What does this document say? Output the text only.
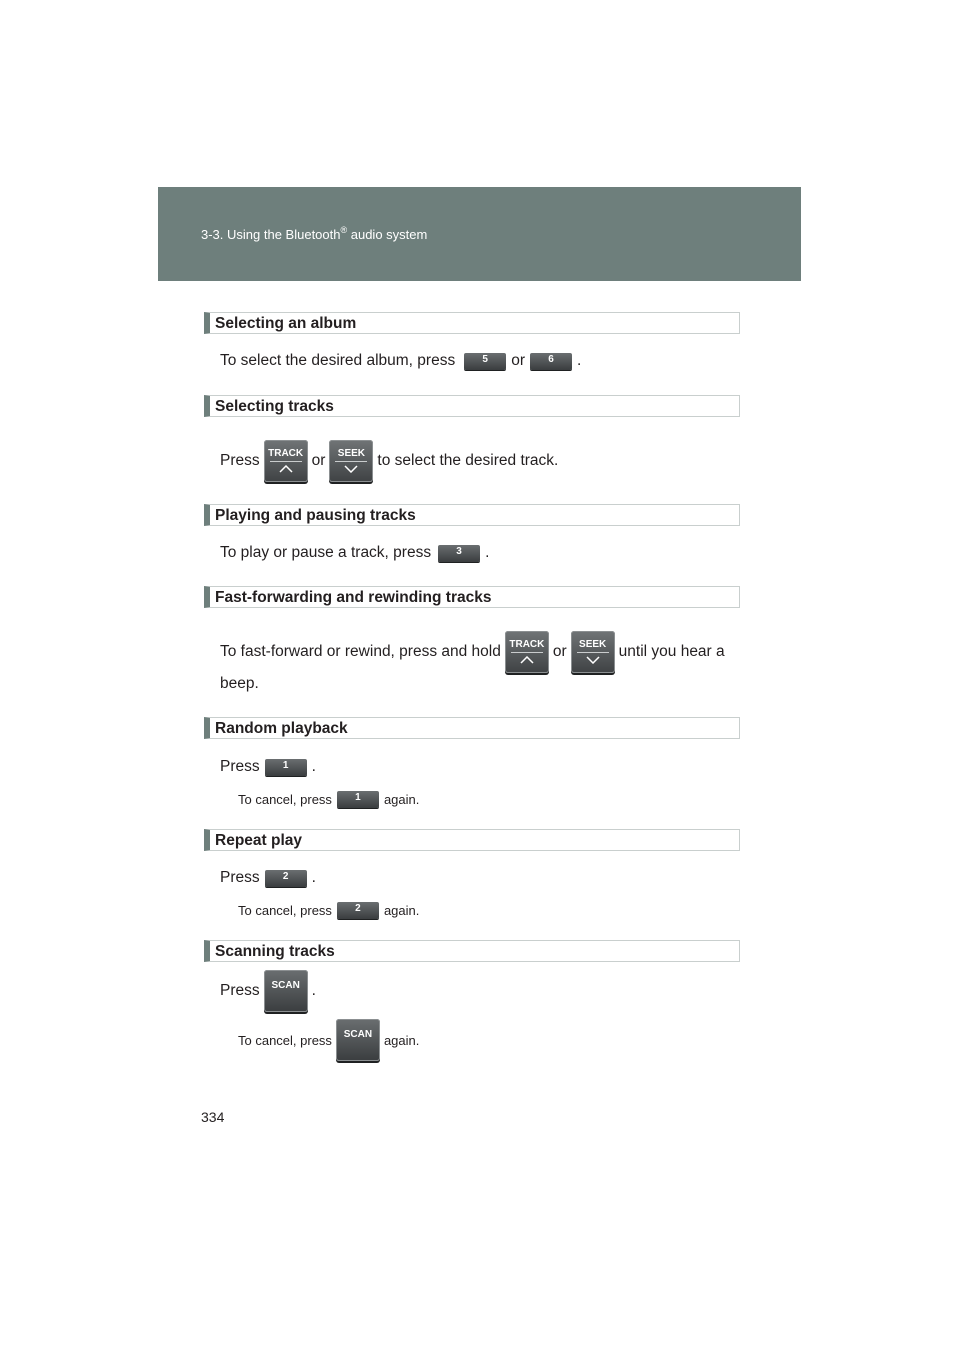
3-3. Using the Bluetooth® audio system
Selecting an album
To select the desired album, press	5	or	6	.
Selecting tracks
Press TRACK or	SEEK to select the desired track.
Playing and pausing tracks
To play or pause a track, press	3	.
Fast-forwarding and rewinding tracks
To fast-forward or rewind, press and hold TRACK or	SEEK until you hear a
beep.
Random playback
Press	1	.
To cancel, press	1	again.
Repeat play
Press	2	.
To cancel, press	2	again.
Scanning tracks
Press	SCAN .
To cancel, press	SCAN again.
334
